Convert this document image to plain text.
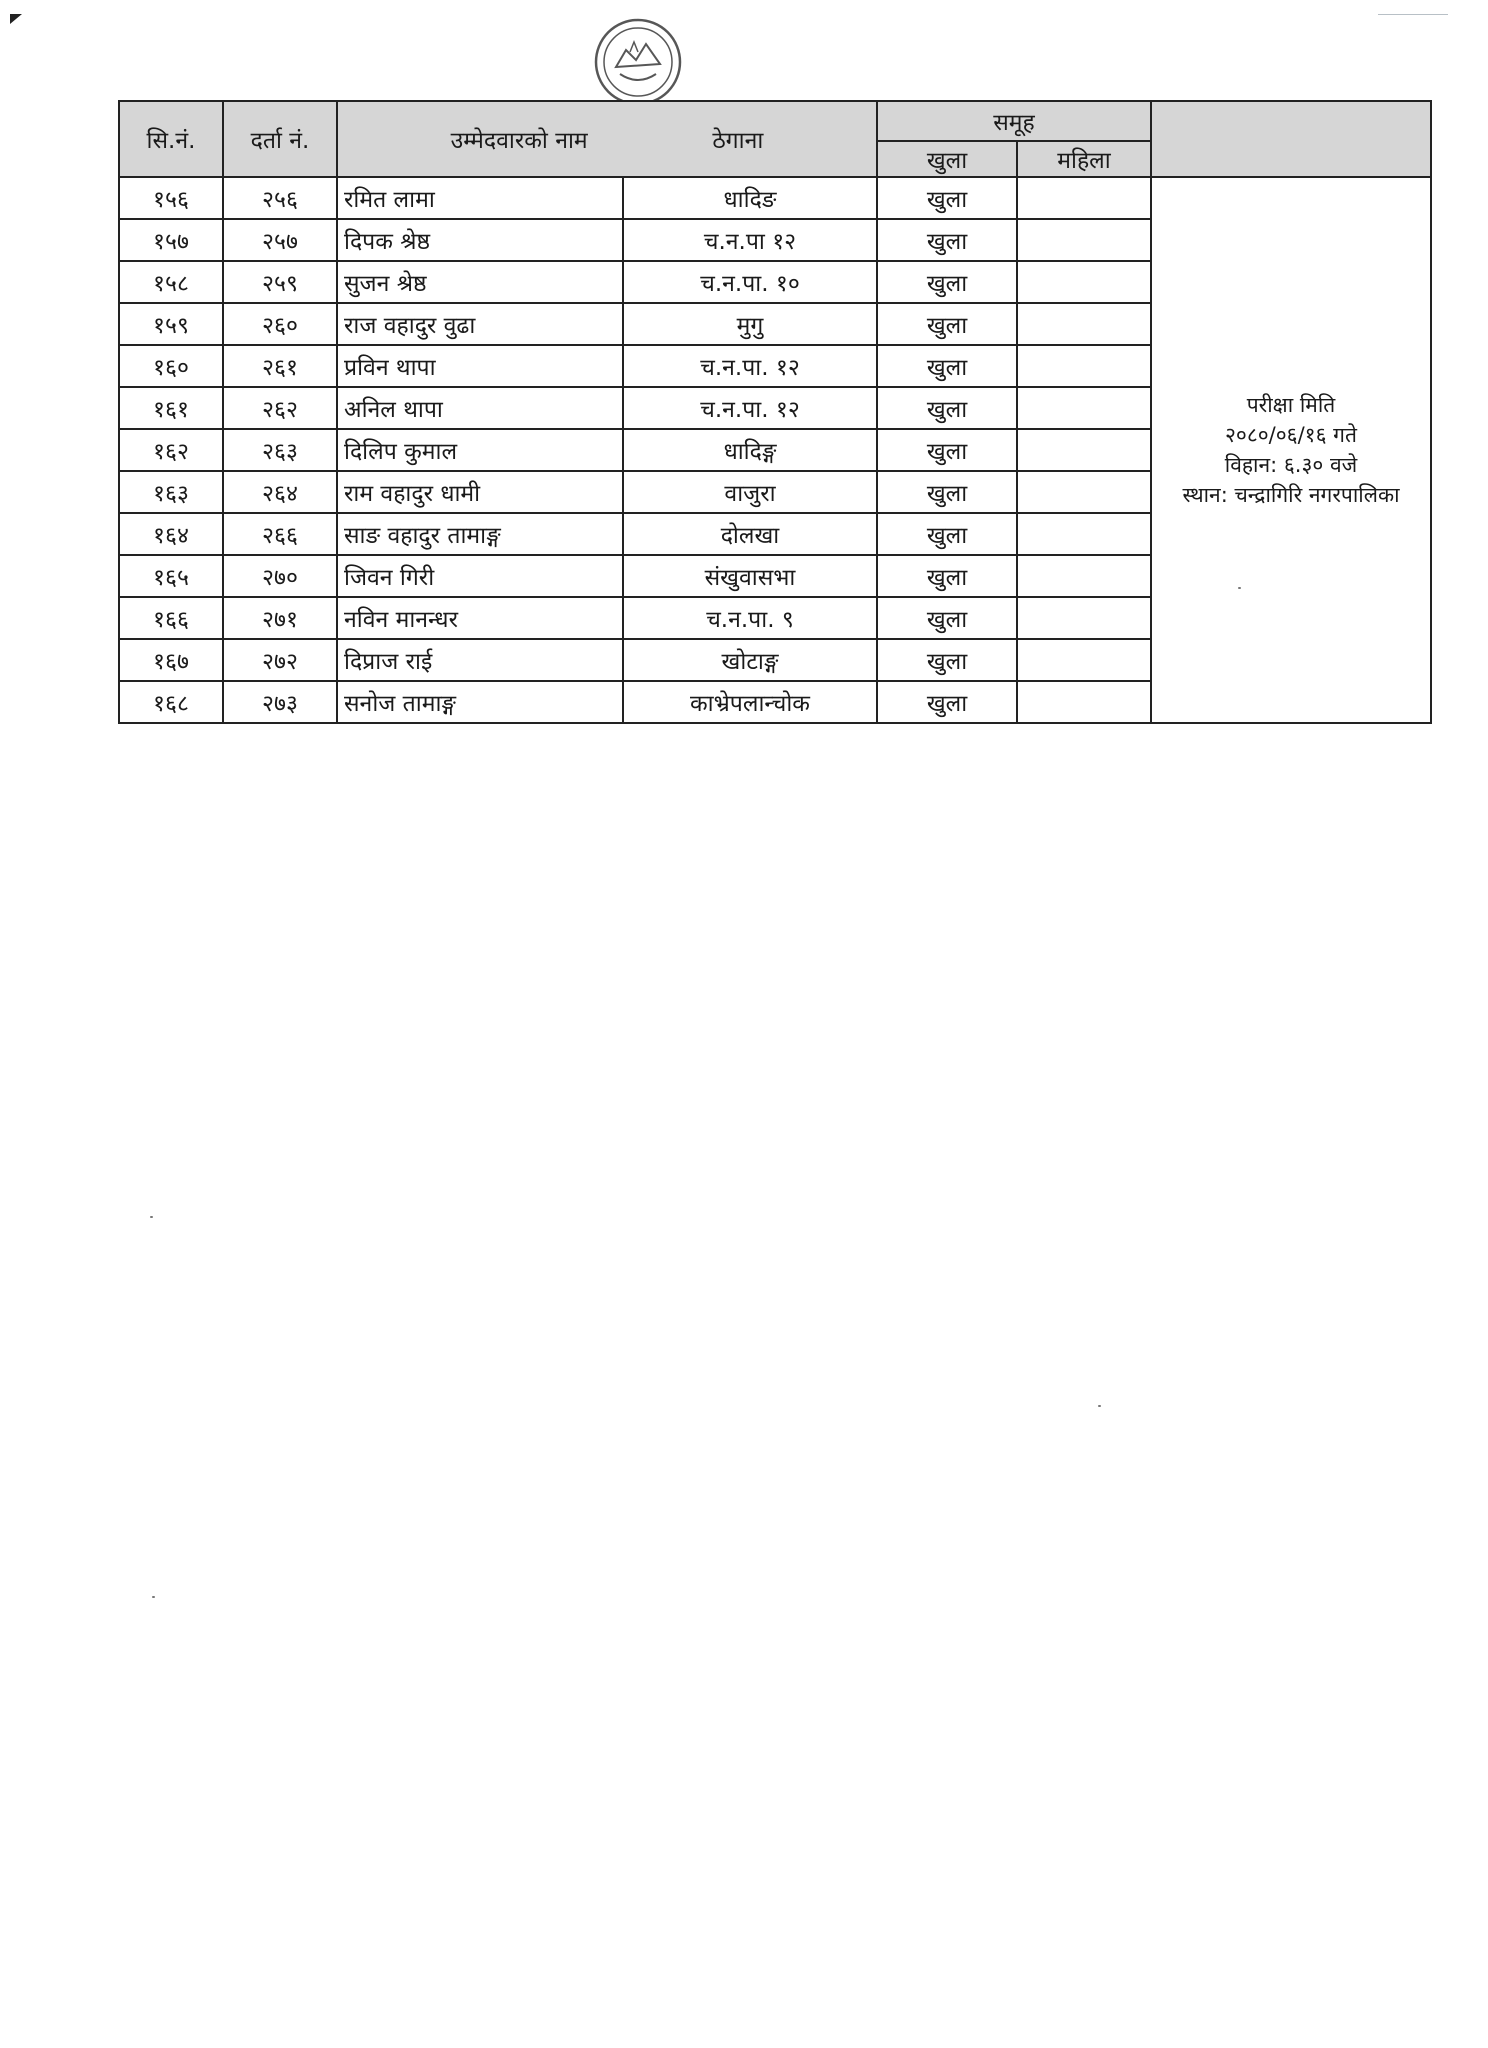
सि.नं.	दर्ता नं.	उम्मेदवारको नाम ठेगाना		समूह		
				खुला	महिला	
१५६	२५६	रमित लामा	धादिङ	खुला		परीक्षा मिति
२०८०/०६/१६ गते
विहान: ६.३० वजे
स्थान: चन्द्रागिरि नगरपालिका

१५७	२५७	दिपक श्रेष्ठ	च.न.पा १२	खुला		
१५८	२५९	सुजन श्रेष्ठ	च.न.पा. १०	खुला		
१५९	२६०	राज वहादुर वुढा	मुगु	खुला		
१६०	२६१	प्रविन थापा	च.न.पा. १२	खुला		
१६१	२६२	अनिल थापा	च.न.पा. १२	खुला		
१६२	२६३	दिलिप कुमाल	धादिङ्ग	खुला		
१६३	२६४	राम वहादुर धामी	वाजुरा	खुला		
१६४	२६६	साङ वहादुर तामाङ्ग	दोलखा	खुला		
१६५	२७०	जिवन गिरी	संखुवासभा	खुला		
१६६	२७१	नविन मानन्धर	च.न.पा. ९	खुला		
१६७	२७२	दिप्राज राई	खोटाङ्ग	खुला		
१६८	२७३	सनोज तामाङ्ग	काभ्रेपलान्चोक	खुला		
